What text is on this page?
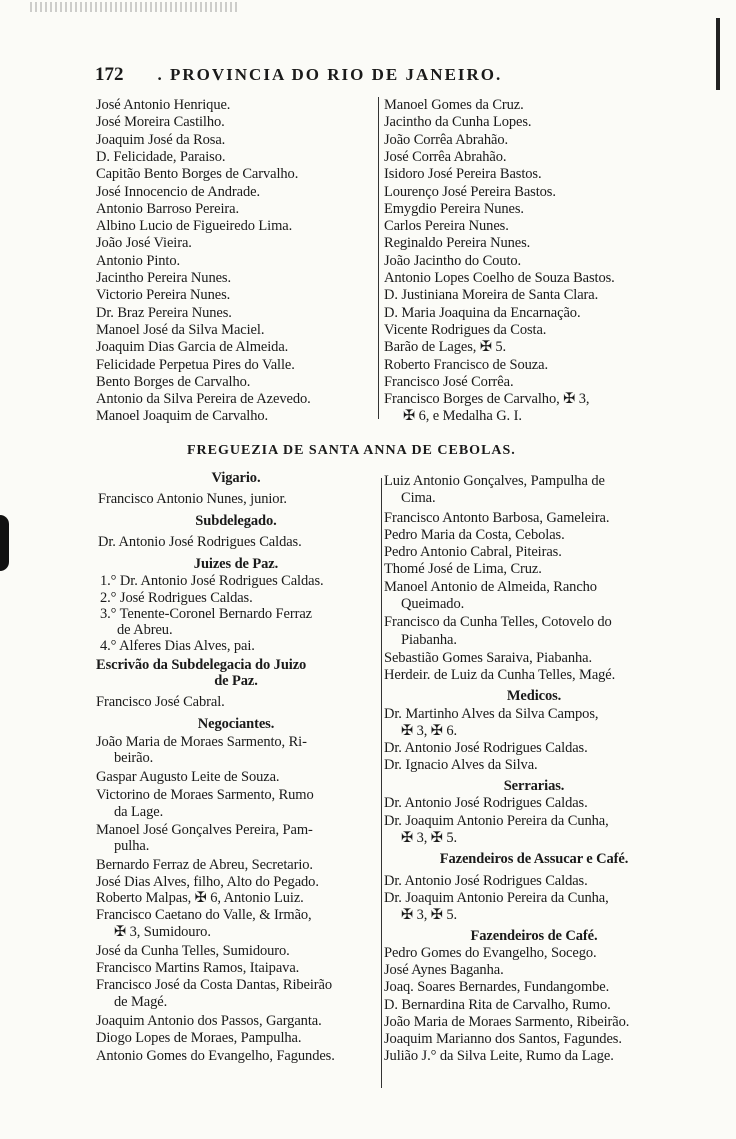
172 . PROVINCIA DO RIO DE JANEIRO.
FREGUEZIA DE SANTA ANNA DE CEBOLAS.
José Antonio Henrique.
José Moreira Castilho.
Joaquim José da Rosa.
D. Felicidade, Paraiso.
Capitão Bento Borges de Carvalho.
José Innocencio de Andrade.
Antonio Barroso Pereira.
Albino Lucio de Figueiredo Lima.
João José Vieira.
Antonio Pinto.
Jacintho Pereira Nunes.
Victorio Pereira Nunes.
Dr. Braz Pereira Nunes.
Manoel José da Silva Maciel.
Joaquim Dias Garcia de Almeida.
Felicidade Perpetua Pires do Valle.
Bento Borges de Carvalho.
Antonio da Silva Pereira de Azevedo.
Manoel Joaquim de Carvalho.
Manoel Gomes da Cruz.
Jacintho da Cunha Lopes.
João Corrêa Abrahão.
José Corrêa Abrahão.
Isidoro José Pereira Bastos.
Lourenço José Pereira Bastos.
Emygdio Pereira Nunes.
Carlos Pereira Nunes.
Reginaldo Pereira Nunes.
João Jacintho do Couto.
Antonio Lopes Coelho de Souza Bastos.
D. Justiniana Moreira de Santa Clara.
D. Maria Joaquina da Encarnação.
Vicente Rodrigues da Costa.
Barão de Lages, ✠ 5.
Roberto Francisco de Souza.
Francisco José Corrêa.
Francisco Borges de Carvalho, ✠ 3,
✠ 6, e Medalha G. I.
Vigario.
Francisco Antonio Nunes, junior.
Subdelegado.
Dr. Antonio José Rodrigues Caldas.
Juizes de Paz.
1.° Dr. Antonio José Rodrigues Caldas.
2.° José Rodrigues Caldas.
3.° Tenente-Coronel Bernardo Ferraz
de Abreu.
4.° Alferes Dias Alves, pai.
Escrivão da Subdelegacia do Juizo
de Paz.
Francisco José Cabral.
Negociantes.
João Maria de Moraes Sarmento, Ri-
beirão.
Gaspar Augusto Leite de Souza.
Victorino de Moraes Sarmento, Rumo
da Lage.
Manoel José Gonçalves Pereira, Pam-
pulha.
Bernardo Ferraz de Abreu, Secretario.
José Dias Alves, filho, Alto do Pegado.
Roberto Malpas, ✠ 6, Antonio Luiz.
Francisco Caetano do Valle, & Irmão,
✠ 3, Sumidouro.
José da Cunha Telles, Sumidouro.
Francisco Martins Ramos, Itaipava.
Francisco José da Costa Dantas, Ribeirão
de Magé.
Joaquim Antonio dos Passos, Garganta.
Diogo Lopes de Moraes, Pampulha.
Antonio Gomes do Evangelho, Fagundes.
Luiz Antonio Gonçalves, Pampulha de
Cima.
Francisco Antonto Barbosa, Gameleira.
Pedro Maria da Costa, Cebolas.
Pedro Antonio Cabral, Piteiras.
Thomé José de Lima, Cruz.
Manoel Antonio de Almeida, Rancho
Queimado.
Francisco da Cunha Telles, Cotovelo do
Piabanha.
Sebastião Gomes Saraiva, Piabanha.
Herdeir. de Luiz da Cunha Telles, Magé.
Medicos.
Dr. Martinho Alves da Silva Campos,
✠ 3, ✠ 6.
Dr. Antonio José Rodrigues Caldas.
Dr. Ignacio Alves da Silva.
Serrarias.
Dr. Antonio José Rodrigues Caldas.
Dr. Joaquim Antonio Pereira da Cunha,
✠ 3, ✠ 5.
Fazendeiros de Assucar e Café.
Dr. Antonio José Rodrigues Caldas.
Dr. Joaquim Antonio Pereira da Cunha,
✠ 3, ✠ 5.
Fazendeiros de Café.
Pedro Gomes do Evangelho, Socego.
José Aynes Baganha.
Joaq. Soares Bernardes, Fundangombe.
D. Bernardina Rita de Carvalho, Rumo.
João Maria de Moraes Sarmento, Ribeirão.
Joaquim Marianno dos Santos, Fagundes.
Julião J.° da Silva Leite, Rumo da Lage.
